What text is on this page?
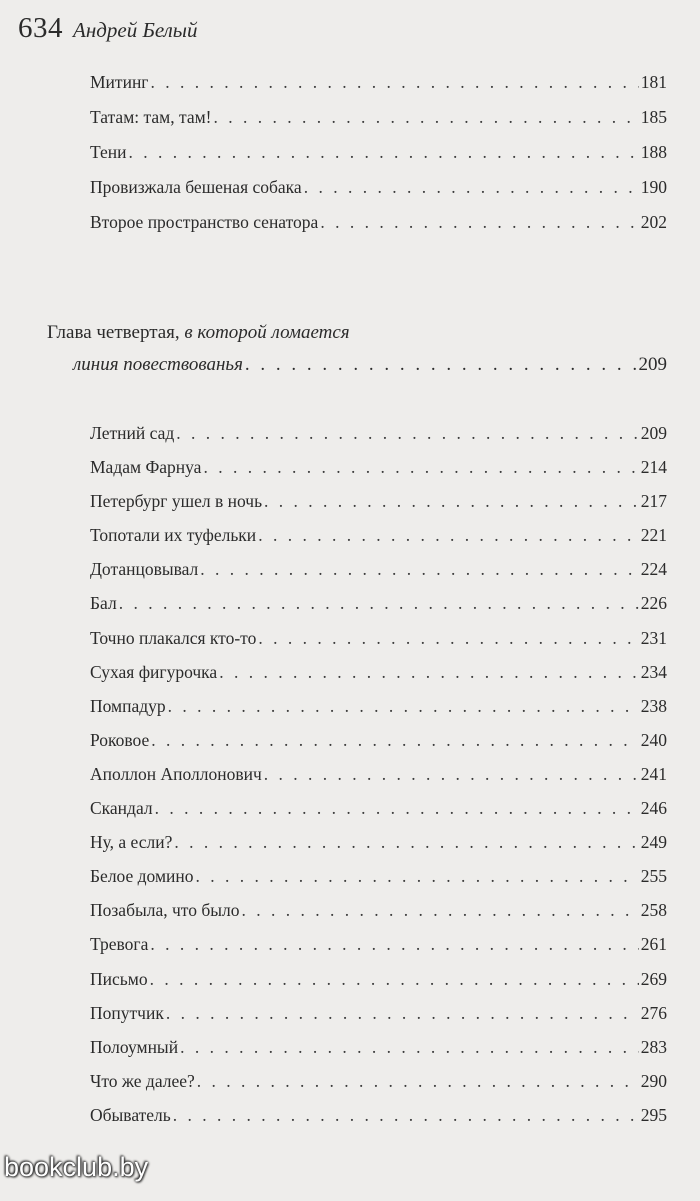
634 Андрей Белый
Митинг . . .	181
Татам: там, там! . . .	185
Тени . . .	188
Провизжала бешеная собака . . .	190
Второе пространство сенатора . . .	202
Глава четвертая, в которой ломается
линия повествованья . . .	209
Летний сад . . .	209
Мадам Фарнуа . . .	214
Петербург ушел в ночь . . .	217
Топотали их туфельки . . .	221
Дотанцовывал . . .	224
Бал . . .	226
Точно плакался кто-то . . .	231
Сухая фигурочка . . .	234
Помпадур . . .	238
Роковое . . .	240
Аполлон Аполлонович . . .	241
Скандал . . .	246
Ну, а если? . . .	249
Белое домино . . .	255
Позабыла, что было . . .	258
Тревога . . .	261
Письмо . . .	269
Попутчик . . .	276
Полоумный . . .	283
Что же далее? . . .	290
Обыватель . . .	295
bookclub.by
